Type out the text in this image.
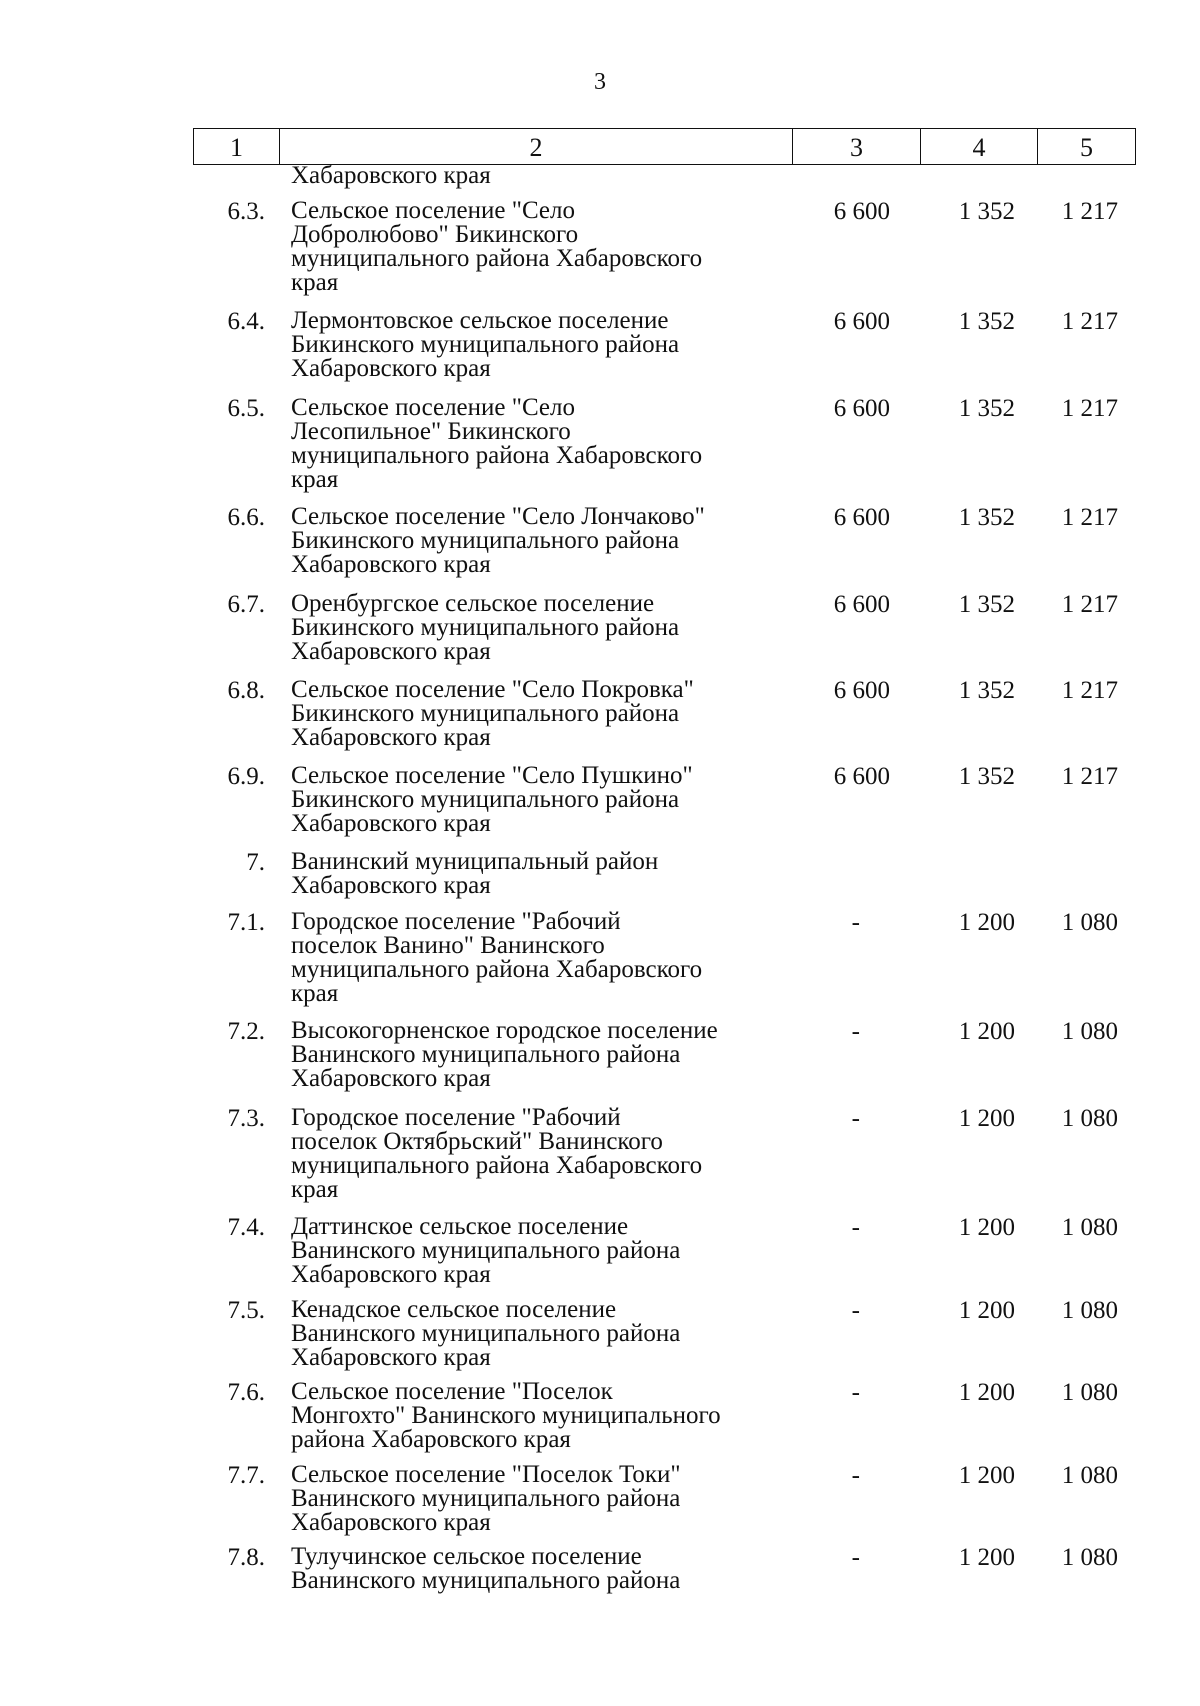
3
1	2	3	4	5
Хабаровского края
6.3. Сельское поселение "Село
Добролюбово" Бикинского
муниципального района Хабаровского
края
6 600	1 352	1 217
6.4. Лермонтовское сельское поселение
Бикинского муниципального района
Хабаровского края
6 600	1 352	1 217
6.5. Сельское поселение "Село
Лесопильное" Бикинского
муниципального района Хабаровского
края
6 600	1 352	1 217
6.6. Сельское поселение "Село Лончаково"
Бикинского муниципального района
Хабаровского края
6 600	1 352	1 217
6.7. Оренбургское сельское поселение
Бикинского муниципального района
Хабаровского края
6 600	1 352	1 217
6.8. Сельское поселение "Село Покровка"
Бикинского муниципального района
Хабаровского края
6 600	1 352	1 217
6.9. Сельское поселение "Село Пушкино"
Бикинского муниципального района
Хабаровского края
6 600	1 352	1 217
7. Ванинский муниципальный район
Хабаровского края
7.1. Городское поселение "Рабочий
поселок Ванино" Ванинского
муниципального района Хабаровского
края
-	1 200	1 080
7.2. Высокогорненское городское поселение
Ванинского муниципального района
Хабаровского края
-	1 200	1 080
7.3. Городское поселение "Рабочий
поселок Октябрьский" Ванинского
муниципального района Хабаровского
края
-	1 200	1 080
7.4. Даттинское сельское поселение
Ванинского муниципального района
Хабаровского края
-	1 200	1 080
7.5. Кенадское сельское поселение
Ванинского муниципального района
Хабаровского края
-	1 200	1 080
7.6. Сельское поселение "Поселок
Монгохто" Ванинского муниципального
района Хабаровского края
-	1 200	1 080
7.7. Сельское поселение "Поселок Токи"
Ванинского муниципального района
Хабаровского края
-	1 200	1 080
7.8. Тулучинское сельское поселение
Ванинского муниципального района
-	1 200	1 080
